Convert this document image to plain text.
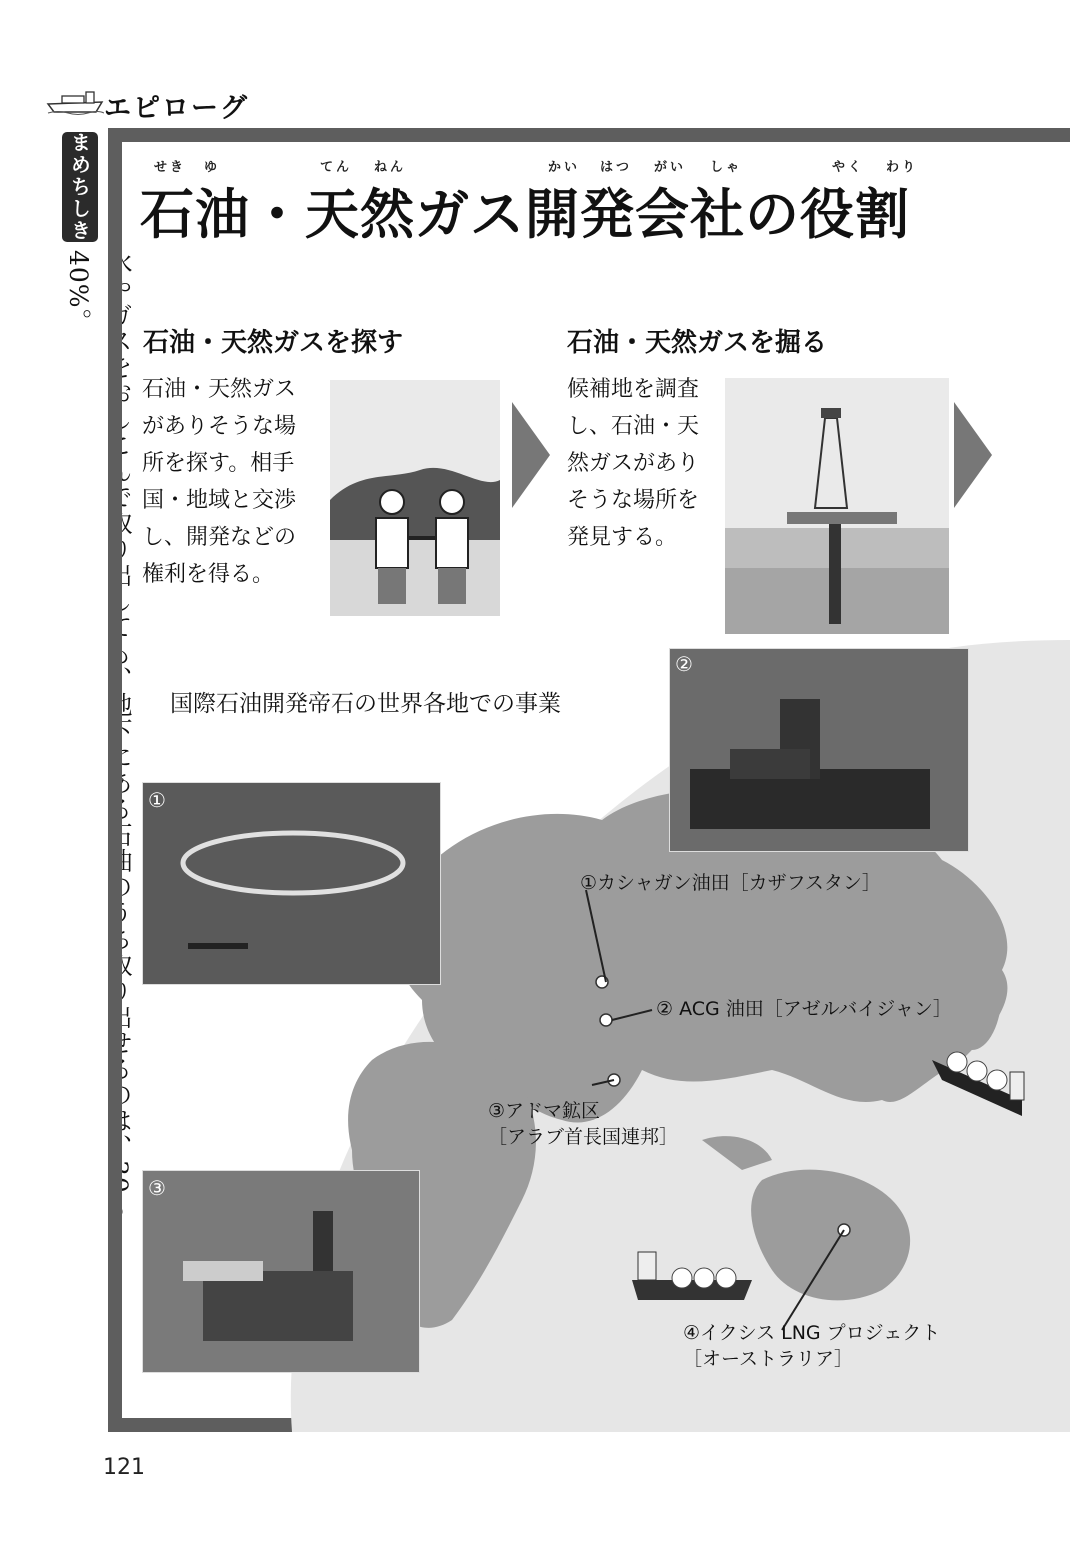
エピローグ
まめちしき
40%。
せき ゆ	てん ねん	かい はつ がい しゃ	やく わり
石油・天然ガス開発会社の役割
石油・天然ガスを探す
石油・天然ガスがありそうな場所を探す。相手国・地域と交渉し、開発などの権利を得る。
石油・天然ガスを掘る
候補地を調査し、石油・天然ガスがありそうな場所を発見する。
国際石油開発帝石の世界各地での事業
①
②
③
①カシャガン油田［カザフスタン］
② ACG 油田［アゼルバイジャン］
③アドマ鉱区
［アラブ首長国連邦］
④イクシス LNG プロジェクト
［オーストラリア］
121
